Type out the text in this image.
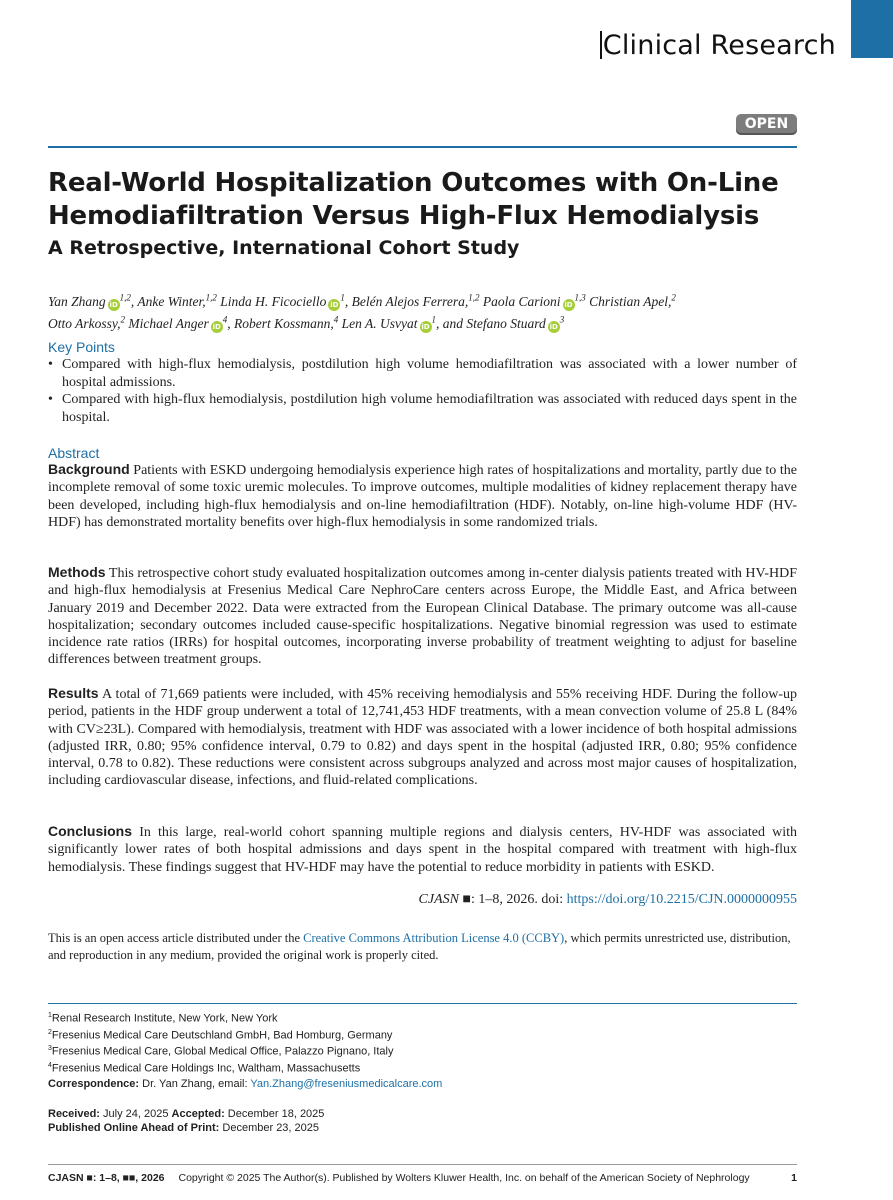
Clinical Research
OPEN
Real-World Hospitalization Outcomes with On-Line Hemodiafiltration Versus High-Flux Hemodialysis
A Retrospective, International Cohort Study
Yan Zhang iD$^{1,2}$, Anke Winter,$^{1,2}$ Linda H. Ficociello $iD^1$, Belén Alejos Ferrera,$^{1,2}$ Paola Carioni iD$^{1,3}$ Christian Apel,$^2$
Otto Arkossy,$^2$ Michael Anger $iD^4$, Robert Kossmann,$^4$ Len A. Usvyat $iD^1$, and Stefano Stuard $iD^3$
Key Points
• Compared with high-flux hemodialysis, postdilution high volume hemodiafiltration was associated with a lower number of hospital admissions.
• Compared with high-flux hemodialysis, postdilution high volume hemodiafiltration was associated with reduced days spent in the hospital.
Abstract

Background Patients with ESKD undergoing hemodialysis experience high rates of hospitalizations and mortality, partly due to the incomplete removal of some toxic uremic molecules. To improve outcomes, multiple modalities of kidney replacement therapy have been developed, including high-flux hemodialysis and on-line hemodiafiltration (HDF). Notably, on-line high-volume HDF (HV-HDF) has demonstrated mortality benefits over high-flux hemodialysis in some randomized trials.

Methods This retrospective cohort study evaluated hospitalization outcomes among in-center dialysis patients treated with HV-HDF and high-flux hemodialysis at Fresenius Medical Care NephroCare centers across Europe, the Middle East, and Africa between January 2019 and December 2022. Data were extracted from the European Clinical Database. The primary outcome was all-cause hospitalization; secondary outcomes included cause-specific hospitalizations. Negative binomial regression was used to estimate incidence rate ratios (IRRs) for hospital outcomes, incorporating inverse probability of treatment weighting to adjust for baseline differences between treatment groups.

Results A total of 71,669 patients were included, with 45% receiving hemodialysis and 55% receiving HDF. During the follow-up period, patients in the HDF group underwent a total of 12,741,453 HDF treatments, with a mean convection volume of 25.8 L (84% with CV≥23L). Compared with hemodialysis, treatment with HDF was associated with a lower incidence of both hospital admissions (adjusted IRR, 0.80; 95% confidence interval, 0.79 to 0.82) and days spent in the hospital (adjusted IRR, 0.80; 95% confidence interval, 0.78 to 0.82). These reductions were consistent across subgroups analyzed and across most major causes of hospitalization, including cardiovascular disease, infections, and fluid-related complications.

Conclusions In this large, real-world cohort spanning multiple regions and dialysis centers, HV-HDF was associated with significantly lower rates of both hospital admissions and days spent in the hospital compared with treatment with high-flux hemodialysis. These findings suggest that HV-HDF may have the potential to reduce morbidity in patients with ESKD.

CJASN ■: 1–8, 2026. doi: https://doi.org/10.2215/CJN.0000000955

This is an open access article distributed under the Creative Commons Attribution License 4.0 (CCBY), which permits unrestricted use, distribution, and reproduction in any medium, provided the original work is properly cited.

$^1$Renal Research Institute, New York, New York
$^2$Fresenius Medical Care Deutschland GmbH, Bad Homburg, Germany
$^3$Fresenius Medical Care, Global Medical Office, Palazzo Pignano, Italy
$^4$Fresenius Medical Care Holdings Inc, Waltham, Massachusetts
Correspondence: Dr. Yan Zhang, email: Yan.Zhang@freseniusmedicalcare.com
Received: July 24, 2025 Accepted: December 18, 2025
Published Online Ahead of Print: December 23, 2025
CJASN ■: 1–8, ■■, 2026 Copyright © 2025 The Author(s). Published by Wolters Kluwer Health, Inc. on behalf of the American Society of Nephrology	1
